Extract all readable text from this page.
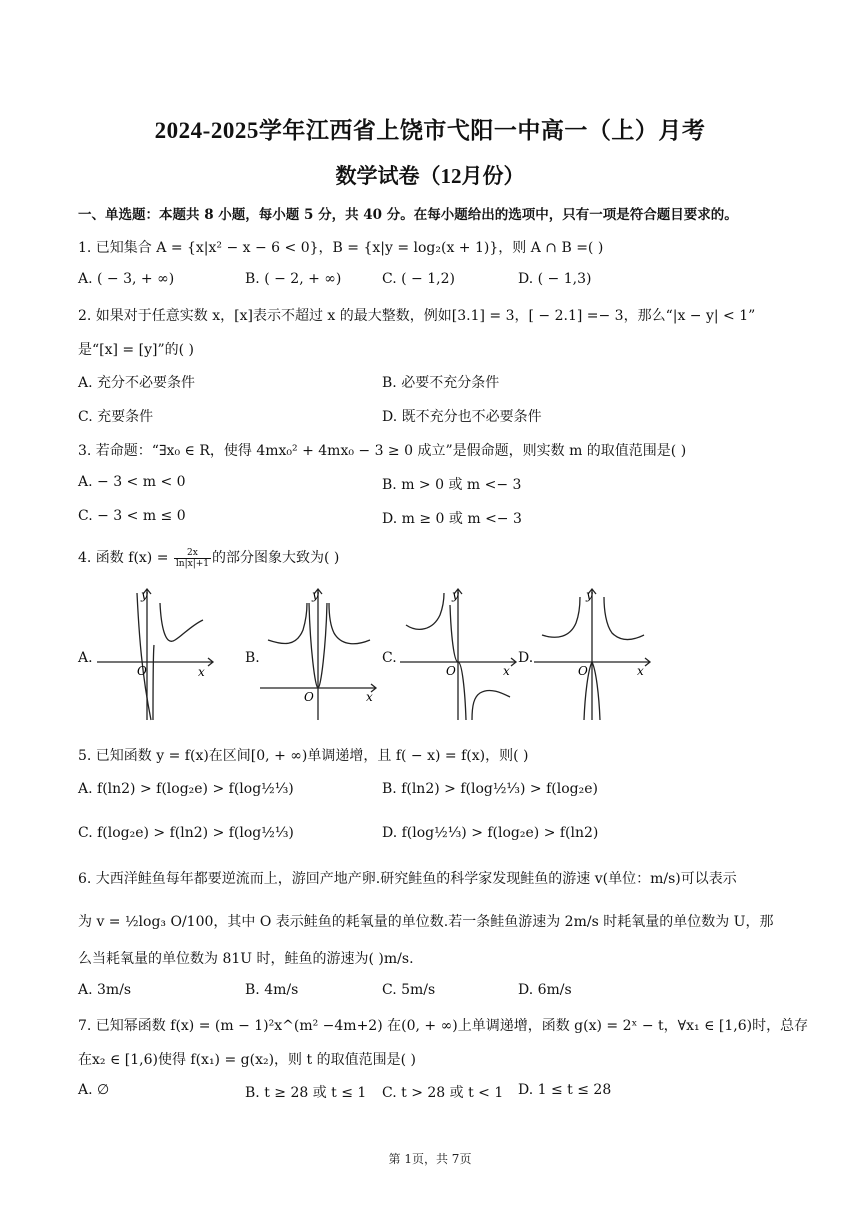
2024-2025学年江西省上饶市弋阳一中高一（上）月考
数学试卷（12月份）
一、单选题：本题共 8 小题，每小题 5 分，共 40 分。在每小题给出的选项中，只有一项是符合题目要求的。
1. 已知集合 A = {x|x² − x − 6 < 0}，B = {x|y = log₂(x + 1)}，则 A ∩ B =( )
A. ( − 3, + ∞)	B. ( − 2, + ∞)	C. ( − 1,2)	D. ( − 1,3)
2. 如果对于任意实数 x，[x]表示不超过 x 的最大整数，例如[3.1] = 3，[ − 2.1] =− 3，那么“|x − y| < 1”
是“[x] = [y]”的( )
A. 充分不必要条件	B. 必要不充分条件
C. 充要条件	D. 既不充分也不必要条件
3. 若命题：“∃x₀ ∈ R，使得 4mx₀² + 4mx₀ − 3 ≥ 0 成立”是假命题，则实数 m 的取值范围是( )
A. − 3 < m < 0	B. m > 0 或 m <− 3
C. − 3 < m ≤ 0	D. m ≥ 0 或 m <− 3
4. 函数 $f(x) = \frac{2x}{\ln|x|+1}$ 的部分图象大致为( )
A.
y
x
O
B.
y
x
O
C.
y
x
O
D.
y
x
O
5. 已知函数 y = f(x)在区间[0, + ∞)单调递增，且 f( − x) = f(x)，则( )
A. f(ln2) > f(log₂e) > f(log½⅓)	B. f(ln2) > f(log½⅓) > f(log₂e)
C. f(log₂e) > f(ln2) > f(log½⅓)	D. f(log½⅓) > f(log₂e) > f(ln2)
6. 大西洋鲑鱼每年都要逆流而上，游回产地产卵.研究鲑鱼的科学家发现鲑鱼的游速 v(单位：m/s)可以表示
为 v = ½log₃ O/100，其中 O 表示鲑鱼的耗氧量的单位数.若一条鲑鱼游速为 2m/s 时耗氧量的单位数为 U，那
么当耗氧量的单位数为 81U 时，鲑鱼的游速为( )m/s.
A. 3m/s	B. 4m/s	C. 5m/s	D. 6m/s
7. 已知幂函数 f(x) = (m − 1)²x^(m² −4m+2) 在(0, + ∞)上单调递增，函数 g(x) = 2ˣ − t，∀x₁ ∈ [1,6)时，总存
在x₂ ∈ [1,6)使得 f(x₁) = g(x₂)，则 t 的取值范围是( )
A. ∅	B. t ≥ 28 或 t ≤ 1 C. t > 28 或 t < 1 D. 1 ≤ t ≤ 28
第 1页，共 7页
